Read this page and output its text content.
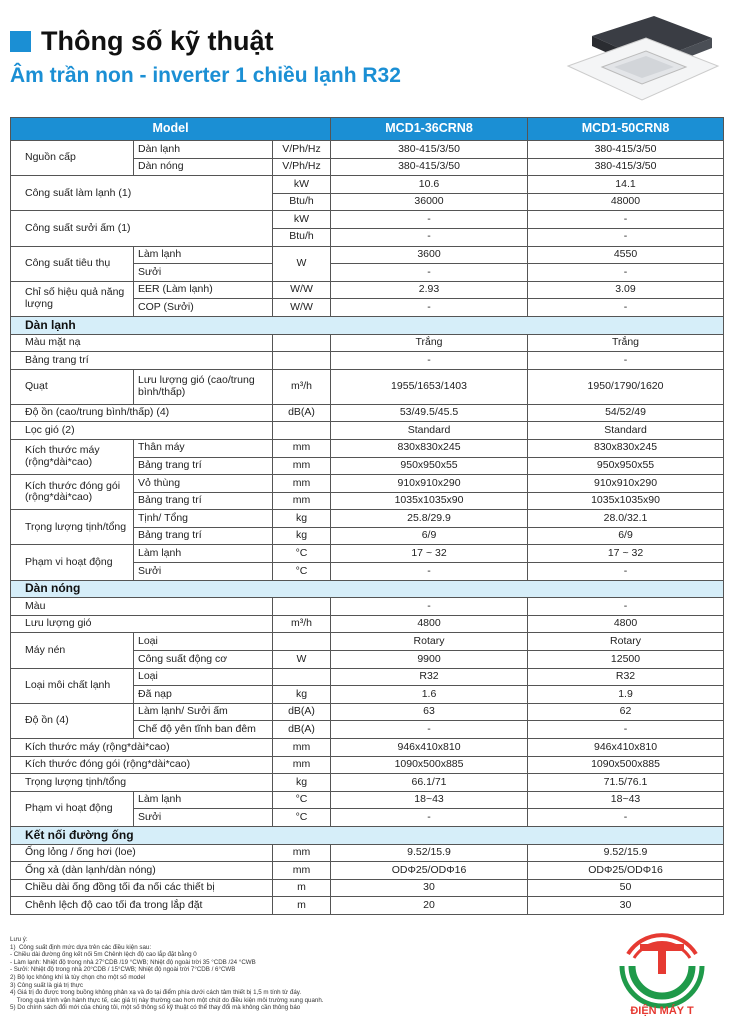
Thông số kỹ thuật
Âm trần non - inverter 1 chiều lạnh R32
Model			MCD1-36CRN8	MCD1-50CRN8
Nguồn cấp	Dàn lạnh	V/Ph/Hz	380-415/3/50	380-415/3/50
	Dàn nóng	V/Ph/Hz	380-415/3/50	380-415/3/50
Công suất làm lạnh (1)		kW	10.6	14.1
		Btu/h	36000	48000
Công suất sưởi ấm (1)		kW	-	-
		Btu/h	-	-
Công suất tiêu thụ	Làm lạnh	W	3600	4550
	Sưởi		-	-
Chỉ số hiệu quả năng lượng	EER (Làm lạnh)	W/W	2.93	3.09
	COP (Sưởi)	W/W	-	-
Dàn lạnh				
Màu mặt nạ			Trắng	Trắng
Bảng trang trí			-	-
Quạt	Lưu lượng gió (cao/trung bình/thấp)	m³/h	1955/1653/1403	1950/1790/1620
Độ ồn (cao/trung bình/thấp) (4)		dB(A)	53/49.5/45.5	54/52/49
Lọc gió (2)			Standard	Standard
Kích thước máy (rộng*dài*cao)	Thân máy	mm	830x830x245	830x830x245
	Bảng trang trí	mm	950x950x55	950x950x55
Kích thước đóng gói (rộng*dài*cao)	Vỏ thùng	mm	910x910x290	910x910x290
	Bảng trang trí	mm	1035x1035x90	1035x1035x90
Trọng lượng tịnh/tổng	Tịnh/ Tổng	kg	25.8/29.9	28.0/32.1
	Bảng trang trí	kg	6/9	6/9
Phạm vi hoạt động	Làm lạnh	°C	17 ~ 32	17 ~ 32
	Sưởi	°C	-	-
Dàn nóng				
Màu			-	-
Lưu lượng gió		m³/h	4800	4800
Máy nén	Loại		Rotary	Rotary
	Công suất động cơ	W	9900	12500
Loại môi chất lạnh	Loại		R32	R32
	Đã nạp	kg	1.6	1.9
Độ ồn (4)	Làm lạnh/ Sưởi ấm	dB(A)	63	62
	Chế độ yên tĩnh ban đêm	dB(A)	-	-
Kích thước máy (rộng*dài*cao)		mm	946x410x810	946x410x810
Kích thước đóng gói (rộng*dài*cao)		mm	1090x500x885	1090x500x885
Trọng lượng tịnh/tổng		kg	66.1/71	71.5/76.1
Phạm vi hoạt động	Làm lạnh	°C	18~43	18~43
	Sưởi	°C	-	-
Kết nối đường ống				
Ống lỏng / ống hơi (loe)		mm	9.52/15.9	9.52/15.9
Ống xả (dàn lạnh/dàn nóng)		mm	ODΦ25/ODΦ16	ODΦ25/ODΦ16
Chiều dài ống đồng tối đa nối các thiết bị		m	30	50
Chênh lệch độ cao tối đa trong lắp đặt		m	20	30
Lưu ý:
1)  Công suất định mức dựa trên các điều kiện sau:
- Chiều dài đường ống kết nối 5m Chênh lệch độ cao lắp đặt bằng 0
- Làm lạnh: Nhiệt độ trong nhà 27°CDB /19 °CWB; Nhiệt độ ngoài trời 35 °CDB /24 °CWB
- Sưởi: Nhiệt độ trong nhà 20°CDB / 15°CWB; Nhiệt độ ngoài trời 7°CDB / 6°CWB
2) Bộ lọc không khí là tùy chọn cho một số model
3) Công suất là giá trị thực
4) Giá trị đo được trong buồng không phản xạ và đo tại điểm phía dưới cách tâm thiết bị 1,5 m tính từ đáy.
Trong quá trình vận hành thực tế, các giá trị này thường cao hơn một chút do điều kiện môi trường xung quanh.
5) Do chính sách đổi mới của chúng tôi, một số thông số kỹ thuật có thể thay đổi mà không cần thông báo	ĐIỆN MÁY T
